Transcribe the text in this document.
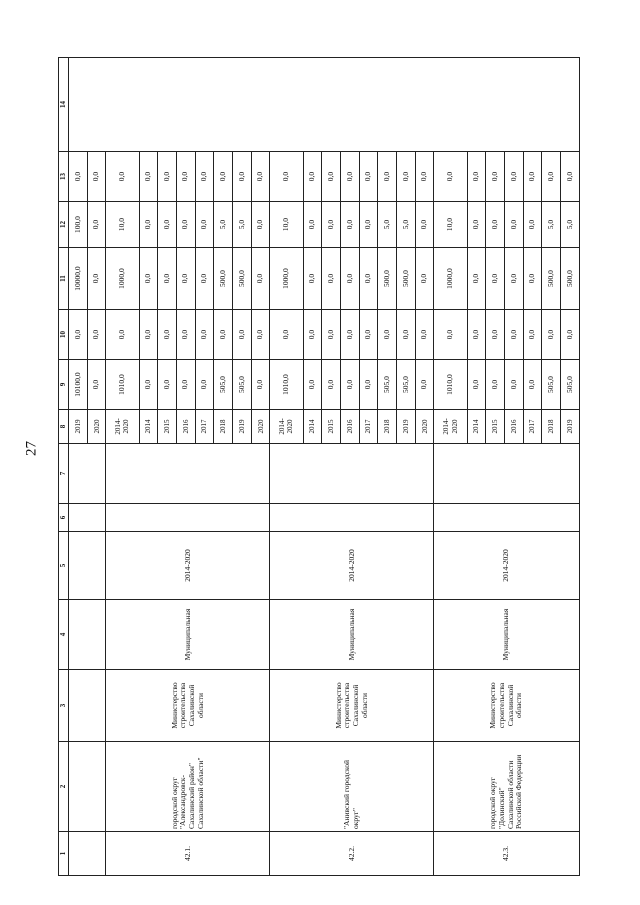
27
1	2	3	4	5	6	7	8	9	10	11	12	13	14
							2019	10100,0	0,0	10000,0	100,0	0,0	
							2020	0,0	0,0	0,0	0,0	0,0	
42.1.	городской округ "Александровск-Сахалинский район" Сахалинской области"	Министерство строительства Сахалинской области	Муниципальная	2014-2020			2014-2020	1010,0	0,0	1000,0	10,0	0,0	
							2014	0,0	0,0	0,0	0,0	0,0	
							2015	0,0	0,0	0,0	0,0	0,0	
							2016	0,0	0,0	0,0	0,0	0,0	
							2017	0,0	0,0	0,0	0,0	0,0	
							2018	505,0	0,0	500,0	5,0	0,0	
							2019	505,0	0,0	500,0	5,0	0,0	
							2020	0,0	0,0	0,0	0,0	0,0	
42.2.	"Анивский городской округ"	Министерство строительства Сахалинской области	Муниципальная	2014-2020			2014-2020	1010,0	0,0	1000,0	10,0	0,0	
							2014	0,0	0,0	0,0	0,0	0,0	
							2015	0,0	0,0	0,0	0,0	0,0	
							2016	0,0	0,0	0,0	0,0	0,0	
							2017	0,0	0,0	0,0	0,0	0,0	
							2018	505,0	0,0	500,0	5,0	0,0	
							2019	505,0	0,0	500,0	5,0	0,0	
							2020	0,0	0,0	0,0	0,0	0,0	
42.3.	городской округ "Долинский" Сахалинской области Российской Федерации	Министерство строительства Сахалинской области	Муниципальная	2014-2020			2014-2020	1010,0	0,0	1000,0	10,0	0,0	
							2014	0,0	0,0	0,0	0,0	0,0	
							2015	0,0	0,0	0,0	0,0	0,0	
							2016	0,0	0,0	0,0	0,0	0,0	
							2017	0,0	0,0	0,0	0,0	0,0	
							2018	505,0	0,0	500,0	5,0	0,0	
							2019	505,0	0,0	500,0	5,0	0,0	
